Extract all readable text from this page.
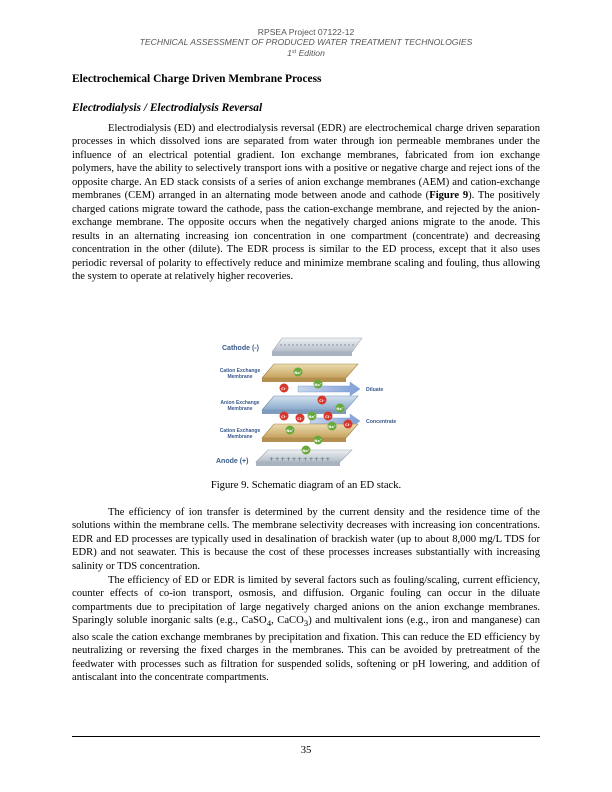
RPSEA Project 07122-12
TECHNICAL ASSESSMENT OF PRODUCED WATER TREATMENT TECHNOLOGIES
1st Edition
Electrochemical Charge Driven Membrane Process
Electrodialysis / Electrodialysis Reversal
Electrodialysis (ED) and electrodialysis reversal (EDR) are electrochemical charge driven separation processes in which dissolved ions are separated from water through ion permeable membranes under the influence of an electrical potential gradient. Ion exchange membranes, fabricated from ion exchange polymers, have the ability to selectively transport ions with a positive or negative charge and reject ions of the opposite charge. An ED stack consists of a series of anion exchange membranes (AEM) and cation-exchange membranes (CEM) arranged in an alternating mode between anode and cathode (Figure 9). The positively charged cations migrate toward the cathode, pass the cation-exchange membrane, and rejected by the anion-exchange membrane. The opposite occurs when the negatively charged anions migrate to the anode. This results in an alternating increasing ion concentration in one compartment (concentrate) and decreasing concentration in the other (dilute). The EDR process is similar to the ED process, except that it also uses periodic reversal of polarity to effectively reduce and minimize membrane scaling and fouling, thus allowing the system to operate at relatively higher recoveries.
Cathode (-)
Cation Exchange
Membrane
Diluate
Anion Exchange
Membrane
Concentrate
Cation Exchange
Membrane
+++++++++++
Anode (+)
Na⁺
Na⁺
Cl⁻
Cl⁻
Na⁺
Cl⁻	Cl⁻ Na⁺	Cl⁻
Na⁺	Cl⁻
Na⁺
Na⁺
Na⁺
Figure 9. Schematic diagram of an ED stack.
The efficiency of ion transfer is determined by the current density and the residence time of the solutions within the membrane cells. The membrane selectivity decreases with increasing ion concentrations. EDR and ED processes are typically used in desalination of brackish water (up to about 8,000 mg/L TDS for EDR) and not seawater. This is because the cost of these processes increases substantially with increasing salinity or TDS concentration.
The efficiency of ED or EDR is limited by several factors such as fouling/scaling, current efficiency, counter effects of co-ion transport, osmosis, and diffusion. Organic fouling can occur in the diluate compartments due to precipitation of large negatively charged anions on the anion exchange membranes. Sparingly soluble inorganic salts (e.g., CaSO$_4$, CaCO$_3$) and multivalent ions (e.g., iron and manganese) can also scale the cation exchange membranes by precipitation and fixation. This can reduce the ED efficiency by neutralizing or reversing the fixed charges in the membranes. This can be avoided by pretreatment of the feedwater with processes such as filtration for suspended solids, softening or pH lowering, and addition of antiscalant into the concentrate compartments.
35
